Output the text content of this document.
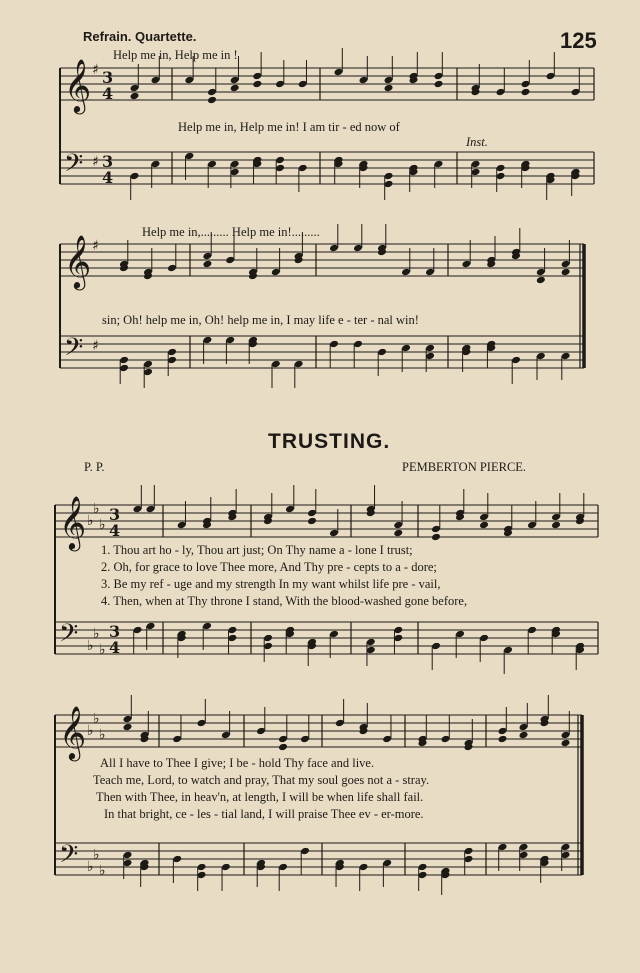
𝄞
𝄢
♯
♯
3
4
3
4
𝄞
𝄢
♯
♯
𝄞
𝄢
♭
♭
♭
♭
♭
♭
3
4
3
4
𝄞
𝄢
♭
♭
♭
♭
♭
♭
Refrain. Quartette.	125
Help me in, Help me in !
Help me in, Help me in! I am tir - ed now of
Inst.
Help me in,......... Help me in!.........
sin; Oh! help me in, Oh! help me in, I may life e - ter - nal win!
TRUSTING.
P. P.	PEMBERTON PIERCE.
1. Thou art ho - ly, Thou art just; On Thy name a - lone I trust;
2. Oh, for grace to love Thee more, And Thy pre - cepts to a - dore;
3. Be my ref - uge and my strength In my want whilst life pre - vail,
4. Then, when at Thy throne I stand, With the blood-washed gone before,
All I have to Thee I give; I be - hold Thy face and live.
Teach me, Lord, to watch and pray, That my soul goes not a - stray.
Then with Thee, in heav'n, at length, I will be when life shall fail.
In that bright, ce - les - tial land, I will praise Thee ev - er-more.
